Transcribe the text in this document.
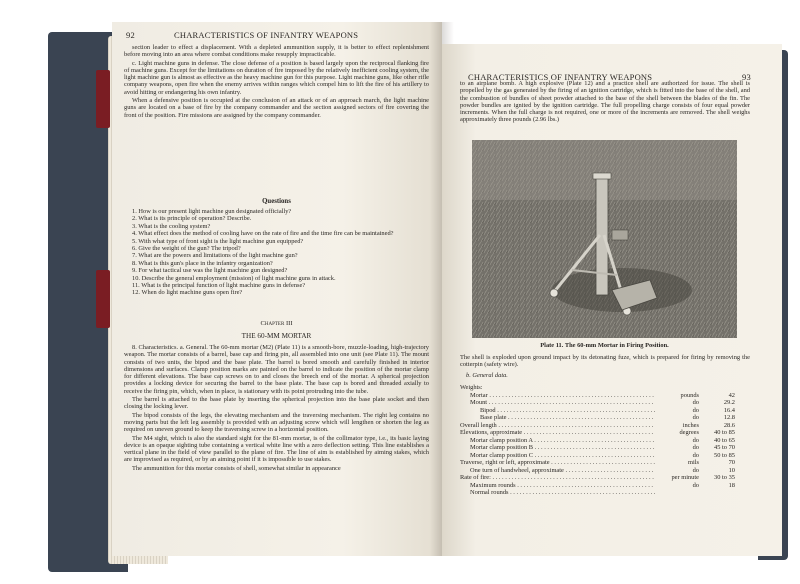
92	CHARACTERISTICS OF INFANTRY WEAPONS

section leader to effect a displacement. With a depleted ammunition supply, it is better to effect replenishment before moving into an area where combat conditions make resupply impracticable.

c. Light machine guns in defense. The close defense of a position is based largely upon the reciprocal flanking fire of machine guns. Except for the limitations on duration of fire imposed by the relatively inefficient cooling system, the light machine gun is almost as effective as the heavy machine gun for this purpose. Light machine guns, like other rifle company weapons, open fire when the enemy arrives within ranges which compel him to lift the fire of his artillery to avoid hitting or endangering his own infantry.

When a defensive position is occupied at the conclusion of an attack or of an approach march, the light machine guns are located on a base of fire by the company commander and the section assigned sectors of fire covering the front of the position. Fire missions are assigned by the company commander.

Questions
1. How is our present light machine gun designated officially?
2. What is its principle of operation? Describe.
3. What is the cooling system?
4. What effect does the method of cooling have on the rate of fire and the time fire can be maintained?
5. With what type of front sight is the light machine gun equipped?
6. Give the weight of the gun? The tripod?
7. What are the powers and limitations of the light machine gun?
8. What is this gun's place in the infantry organization?
9. For what tactical use was the light machine gun designed?
10. Describe the general employment (mission) of light machine guns in attack.
11. What is the principal function of light machine guns in defense?
12. When do light machine guns open fire?
Chapter III
THE 60-MM MORTAR

8. Characteristics. a. General. The 60-mm mortar (M2) (Plate 11) is a smooth-bore, muzzle-loading, high-trajectory weapon. The mortar consists of a barrel, base cap and firing pin, all assembled into one unit (see Plate 11). The mount consists of two units, the bipod and the base plate. The barrel is bored smooth and carefully finished in interior dimensions and surfaces. Clamp position marks are painted on the barrel to indicate the position of the mortar clamp for different elevations. The base cap screws on to and closes the breech end of the mortar. A spherical projection provides a locking device for securing the barrel to the base plate. The base cap is bored and threaded axially to receive the firing pin, which, when in place, is stationary with its point protruding into the tube.

The barrel is attached to the base plate by inserting the spherical projection into the base plate socket and then closing the locking lever.

The bipod consists of the legs, the elevating mechanism and the traversing mechanism. The right leg contains no moving parts but the left leg assembly is provided with an adjusting screw which will lengthen or shorten the leg as required on uneven ground to keep the traversing screw in a horizontal position.

The M4 sight, which is also the standard sight for the 81-mm mortar, is of the collimator type, i.e., its basic laying device is an opaque sighting tube containing a vertical white line with a zero deflection setting. This line establishes a vertical plane in the field of view parallel to the plane of fire. The line of aim is established by aiming stakes, which are improvised as required, or by an aiming point if it is impossible to use stakes.

The ammunition for this mortar consists of shell, somewhat similar in appearance

CHARACTERISTICS OF INFANTRY WEAPONS	93
to an airplane bomb. A high explosive (Plate 12) and a practice shell are authorized for issue. The shell is propelled by the gas generated by the firing of an ignition cartridge, which is fitted into the base of the shell, and the combustion of bundles of sheet powder attached to the base of the shell between the blades of the fin. The powder bundles are ignited by the ignition cartridge. The full propelling charge consists of four equal powder increments. When the full charge is not required, one or more of the increments are removed. The shell weighs approximately three pounds (2.96 lbs.)
Plate 11. The 60-mm Mortar in Firing Position.
The shell is exploded upon ground impact by its detonating fuze, which is prepared for firing by removing the cotterpin (safety wire).
b. General data.
Weights:
Mortar . . .	pounds	42
Mount . . .	do	29.2
Bipod . . .	do	16.4
Base plate . . .	do	12.8
Overall length . . .	inches	28.6
Elevations, approximate . . .	degrees	40 to 85
Mortar clamp position A . . .	do	40 to 65
Mortar clamp position B . . .	do	45 to 70
Mortar clamp position C . . .	do	50 to 85
Traverse, right or left, approximate . . .	mils	70
One turn of handwheel, approximate . . .	do	10
Rate of fire: . . .	per minute	30 to 35
Maximum rounds . . .	do	18
Normal rounds . . .
